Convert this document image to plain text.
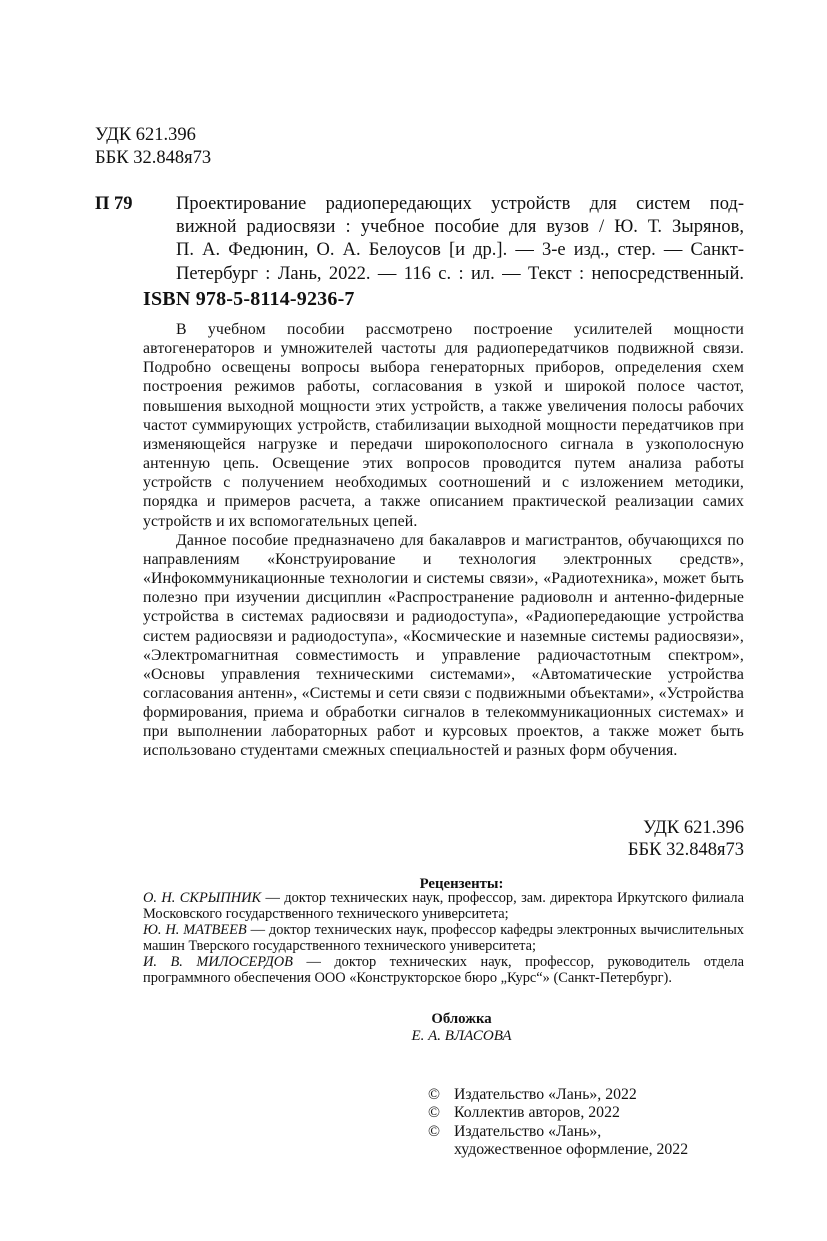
УДК 621.396
ББК 32.848я73
П 79 Проектирование радиопередающих устройств для систем под-
вижной радиосвязи : учебное пособие для вузов / Ю. Т. Зырянов,
П. А. Федюнин, О. А. Белоусов [и др.]. — 3-е изд., стер. — Санкт-
Петербург : Лань, 2022. — 116 с. : ил. — Текст : непосредственный.
ISBN 978-5-8114-9236-7

В учебном пособии рассмотрено построение усилителей мощности автогенераторов и умножителей частоты для радиопередатчиков подвижной связи. Подробно освещены вопросы выбора генераторных приборов, определения схем построения режимов работы, согласования в узкой и широкой полосе частот, повышения выходной мощности этих устройств, а также увеличения полосы рабочих частот суммирующих устройств, стабилизации выходной мощности передатчиков при изменяющейся нагрузке и передачи широкополосного сигнала в узкополосную антенную цепь. Освещение этих вопросов проводится путем анализа работы устройств с получением необходимых соотношений и с изложением методики, порядка и примеров расчета, а также описанием практической реализации самих устройств и их вспомогательных цепей.

Данное пособие предназначено для бакалавров и магистрантов, обучающихся по направлениям «Конструирование и технология электронных средств», «Инфокоммуникационные технологии и системы связи», «Радиотехника», может быть полезно при изучении дисциплин «Распространение радиоволн и антенно-фидерные устройства в системах радиосвязи и радиодоступа», «Радиопередающие устройства систем радиосвязи и радиодоступа», «Космические и наземные системы радиосвязи», «Электромагнитная совместимость и управление радиочастотным спектром», «Основы управления техническими системами», «Автоматические устройства согласования антенн», «Системы и сети связи с подвижными объектами», «Устройства формирования, приема и обработки сигналов в телекоммуникационных системах» и при выполнении лабораторных работ и курсовых проектов, а также может быть использовано студентами смежных специальностей и разных форм обучения.

УДК 621.396
ББК 32.848я73
Рецензенты:

О. Н. СКРЫПНИК — доктор технических наук, профессор, зам. директора Иркутского филиала Московского государственного технического университета;

Ю. Н. МАТВЕЕВ — доктор технических наук, профессор кафедры электронных вычислительных машин Тверского государственного технического университета;

И. В. МИЛОСЕРДОВ — доктор технических наук, профессор, руководитель отдела программного обеспечения ООО «Конструкторское бюро „Курс“» (Санкт-Петербург).

Обложка
Е. А. ВЛАСОВА
© Издательство «Лань», 2022
© Коллектив авторов, 2022
© Издательство «Лань»,
художественное оформление, 2022
